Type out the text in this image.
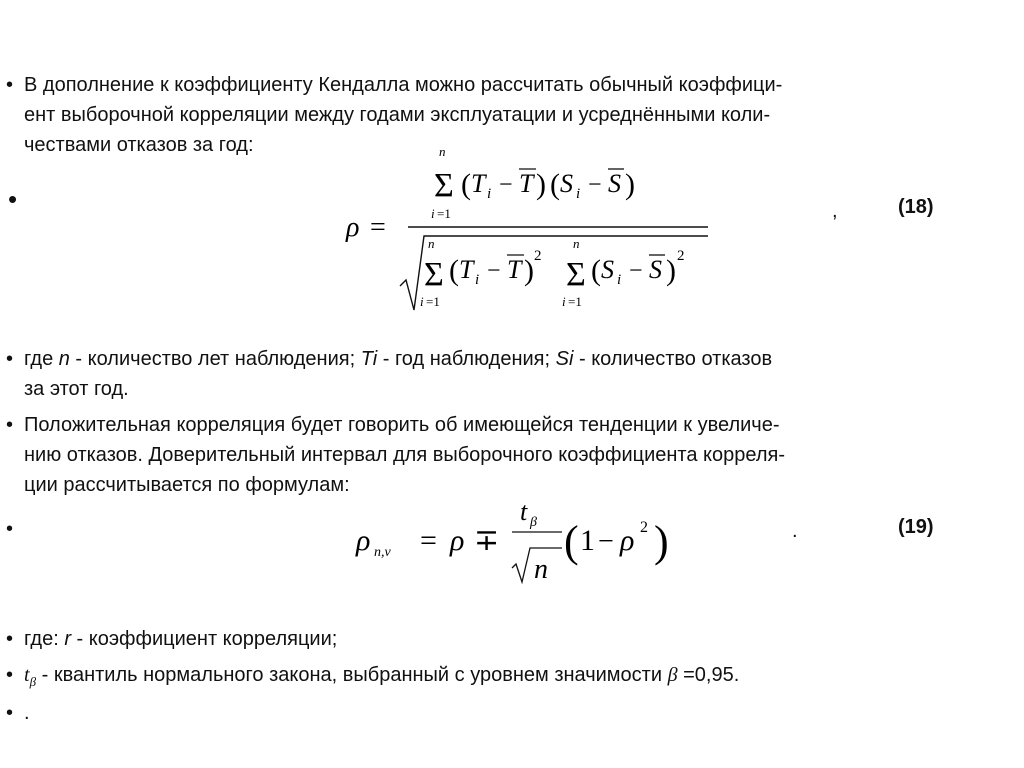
• В дополнение к коэффициенту Кендалла можно рассчитать обычный коэффици-
ент выборочной корреляции между годами эксплуатации и усреднёнными коли-
чествами отказов за год:
•
ρ =
n
Σ
i =1
( T i − T ) ( S i − S )
n
Σ
i =1
( T i − T ) 2
n
Σ
i =1
( S i − S ) 2
,	(18)
• где n - количество лет наблюдения; Ti - год наблюдения; Si - количество отказов
за этот год.
• Положительная корреляция будет говорить об имеющейся тенденции к увеличе-
нию отказов. Доверительный интервал для выборочного коэффициента корреля-
ции рассчитывается по формулам:
•	ρ n,ν = ρ ∓
t β
n
( 1 − ρ 2 )	.	(19)
• где: r - коэффициент корреляции;
• $t_\beta$ - квантиль нормального закона, выбранный с уровнем значимости β =0,95.
• .
